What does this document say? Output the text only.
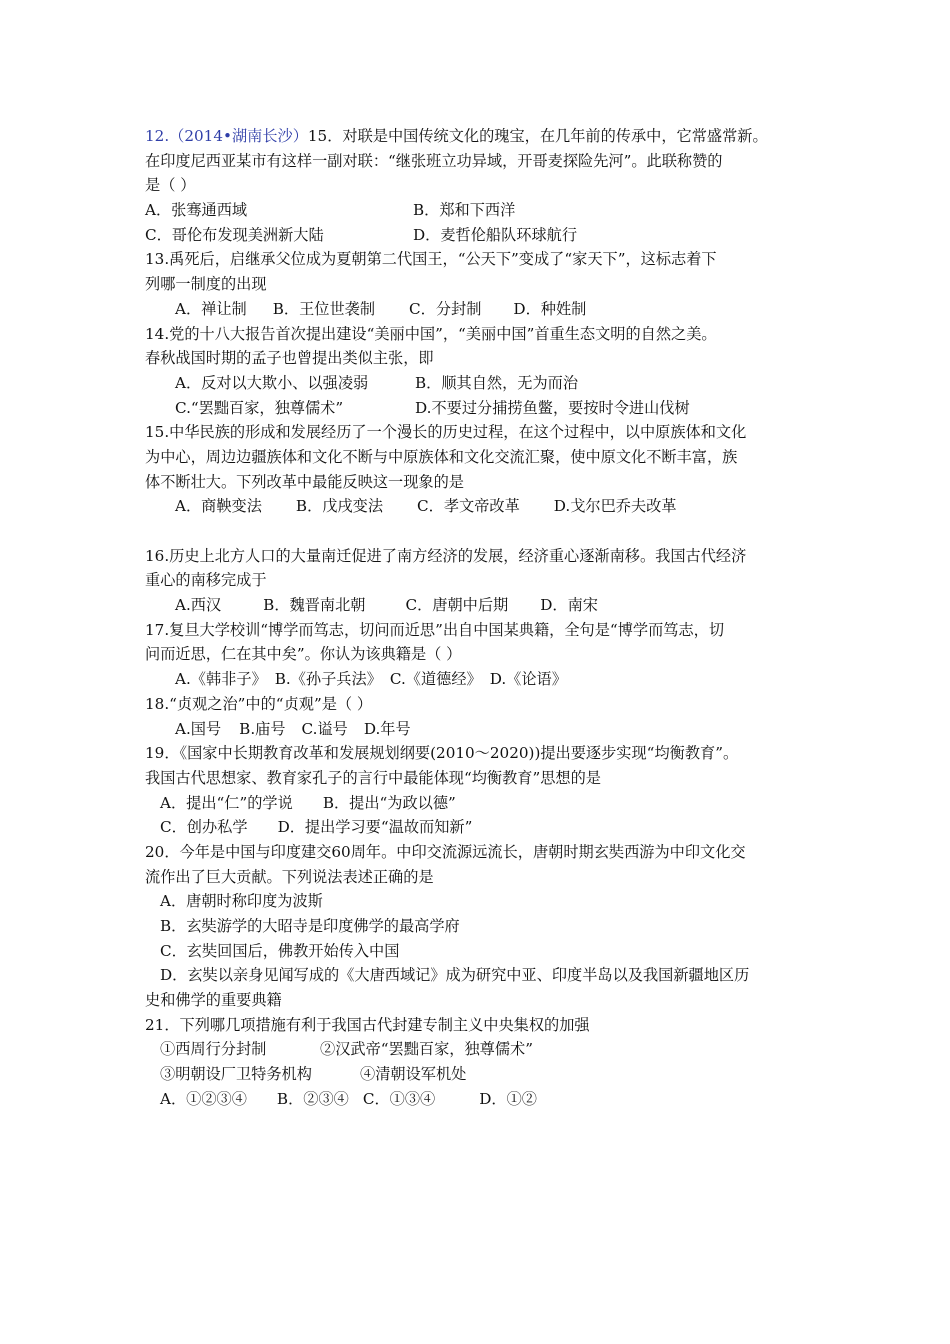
12.（2014•湖南长沙）15．对联是中国传统文化的瑰宝，在几年前的传承中，它常盛常新。
在印度尼西亚某市有这样一副对联：“继张班立功异域，开哥麦探险先河”。此联称赞的
是（ ）
A．张骞通西域	B．郑和下西洋
C．哥伦布发现美洲新大陆	D．麦哲伦船队环球航行
13.禹死后，启继承父位成为夏朝第二代国王，“公天下”变成了“家天下”，这标志着下
列哪一制度的出现
A．禅让制 B．王位世袭制 C．分封制 D．种姓制
14.党的十八大报告首次提出建设“美丽中国”，“美丽中国”首重生态文明的自然之美。
春秋战国时期的孟子也曾提出类似主张，即
A．反对以大欺小、以强凌弱	B．顺其自然，无为而治
C.“罢黜百家，独尊儒术”	D.不要过分捕捞鱼鳖，要按时令进山伐树
15.中华民族的形成和发展经历了一个漫长的历史过程，在这个过程中，以中原族体和文化
为中心，周边边疆族体和文化不断与中原族体和文化交流汇聚，使中原文化不断丰富，族
体不断壮大。下列改革中最能反映这一现象的是
A．商鞅变法 B．戊戌变法 C．孝文帝改革 D.戈尔巴乔夫改革
16.历史上北方人口的大量南迁促进了南方经济的发展，经济重心逐渐南移。我国古代经济
重心的南移完成于
A.西汉	B．魏晋南北朝	C．唐朝中后期 D．南宋
17.复旦大学校训“博学而笃志，切问而近思”出自中国某典籍，全句是“博学而笃志，切
问而近思，仁在其中矣”。你认为该典籍是（ ）
A.《韩非子》 B.《孙子兵法》 C.《道德经》 D.《论语》
18.“贞观之治”中的“贞观”是（ ）
A.国号 B.庙号 C.谥号 D.年号
19．《国家中长期教育改革和发展规划纲要(2010～2020))提出要逐步实现“均衡教育”。
我国古代思想家、教育家孔子的言行中最能体现“均衡教育”思想的是
A．提出“仁”的学说 B．提出“为政以德”
C．创办私学 D．提出学习要“温故而知新”
20．今年是中国与印度建交60周年。中印交流源远流长，唐朝时期玄奘西游为中印文化交
流作出了巨大贡献。下列说法表述正确的是
A．唐朝时称印度为波斯
B．玄奘游学的大昭寺是印度佛学的最高学府
C．玄奘回国后，佛教开始传入中国
D．玄奘以亲身见闻写成的《大唐西域记》成为研究中亚、印度半岛以及我国新疆地区历
史和佛学的重要典籍
21．下列哪几项措施有利于我国古代封建专制主义中央集权的加强
①西周行分封制	②汉武帝“罢黜百家，独尊儒术”
③明朝设厂卫特务机构	④清朝设军机处
A．①②③④ B．②③④ C．①③④	D．①②
